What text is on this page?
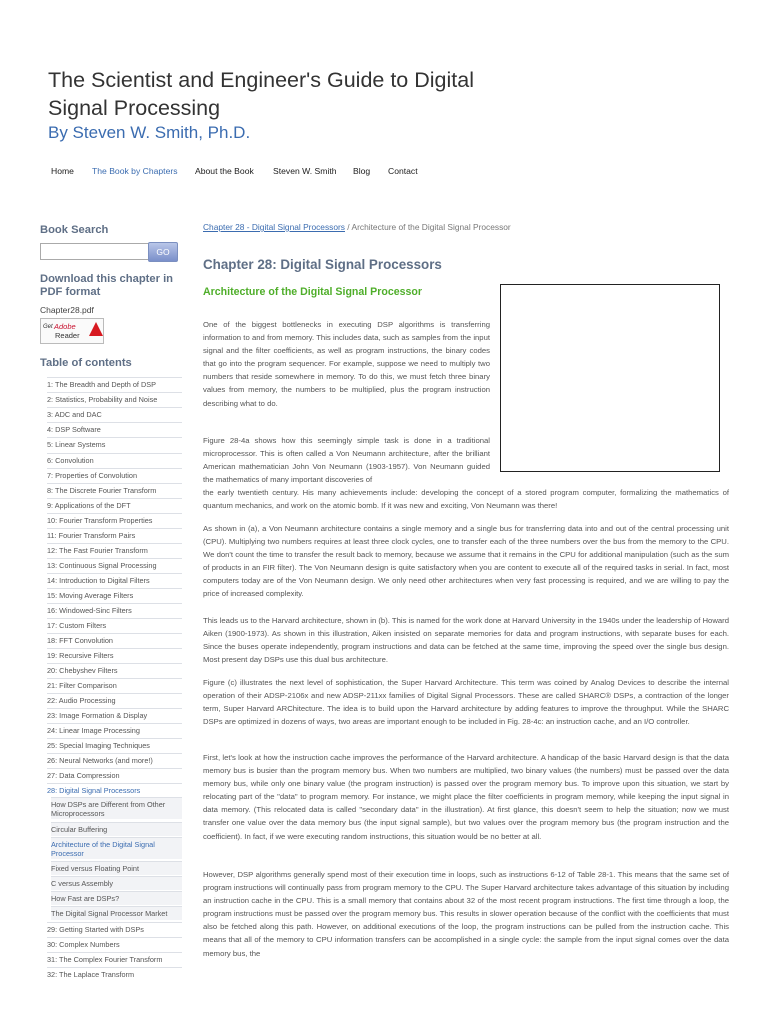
The Scientist and Engineer's Guide to Digital Signal Processing
By Steven W. Smith, Ph.D.
Home The Book by Chapters About the Book Steven W. Smith Blog Contact
Book Search
GO
Download this chapter in PDF format
Chapter28.pdf
Get Adobe
Reader
Table of contents
1: The Breadth and Depth of DSP
2: Statistics, Probability and Noise
3: ADC and DAC
4: DSP Software
5: Linear Systems
6: Convolution
7: Properties of Convolution
8: The Discrete Fourier Transform
9: Applications of the DFT
10: Fourier Transform Properties
11: Fourier Transform Pairs
12: The Fast Fourier Transform
13: Continuous Signal Processing
14: Introduction to Digital Filters
15: Moving Average Filters
16: Windowed-Sinc Filters
17: Custom Filters
18: FFT Convolution
19: Recursive Filters
20: Chebyshev Filters
21: Filter Comparison
22: Audio Processing
23: Image Formation & Display
24: Linear Image Processing
25: Special Imaging Techniques
26: Neural Networks (and more!)
27: Data Compression
28: Digital Signal Processors
How DSPs are Different from Other Microprocessors
Circular Buffering
Architecture of the Digital Signal Processor
Fixed versus Floating Point
C versus Assembly
How Fast are DSPs?
The Digital Signal Processor Market
29: Getting Started with DSPs
30: Complex Numbers
31: The Complex Fourier Transform
32: The Laplace Transform
Chapter 28 - Digital Signal Processors / Architecture of the Digital Signal Processor
Chapter 28: Digital Signal Processors
Architecture of the Digital Signal Processor

One of the biggest bottlenecks in executing DSP algorithms is transferring information to and from memory. This includes data, such as samples from the input signal and the filter coefficients, as well as program instructions, the binary codes that go into the program sequencer. For example, suppose we need to multiply two numbers that reside somewhere in memory. To do this, we must fetch three binary values from memory, the numbers to be multiplied, plus the program instruction describing what to do.

Figure 28-4a shows how this seemingly simple task is done in a traditional microprocessor. This is often called a Von Neumann architecture, after the brilliant American mathematician John Von Neumann (1903-1957). Von Neumann guided the mathematics of many important discoveries of

the early twentieth century. His many achievements include: developing the concept of a stored program computer, formalizing the mathematics of quantum mechanics, and work on the atomic bomb. If it was new and exciting, Von Neumann was there!

As shown in (a), a Von Neumann architecture contains a single memory and a single bus for transferring data into and out of the central processing unit (CPU). Multiplying two numbers requires at least three clock cycles, one to transfer each of the three numbers over the bus from the memory to the CPU. We don't count the time to transfer the result back to memory, because we assume that it remains in the CPU for additional manipulation (such as the sum of products in an FIR filter). The Von Neumann design is quite satisfactory when you are content to execute all of the required tasks in serial. In fact, most computers today are of the Von Neumann design. We only need other architectures when very fast processing is required, and we are willing to pay the price of increased complexity.

This leads us to the Harvard architecture, shown in (b). This is named for the work done at Harvard University in the 1940s under the leadership of Howard Aiken (1900-1973). As shown in this illustration, Aiken insisted on separate memories for data and program instructions, with separate buses for each. Since the buses operate independently, program instructions and data can be fetched at the same time, improving the speed over the single bus design. Most present day DSPs use this dual bus architecture.

Figure (c) illustrates the next level of sophistication, the Super Harvard Architecture. This term was coined by Analog Devices to describe the internal operation of their ADSP-2106x and new ADSP-211xx families of Digital Signal Processors. These are called SHARC® DSPs, a contraction of the longer term, Super Harvard ARChitecture. The idea is to build upon the Harvard architecture by adding features to improve the throughput. While the SHARC DSPs are optimized in dozens of ways, two areas are important enough to be included in Fig. 28-4c: an instruction cache, and an I/O controller.

First, let's look at how the instruction cache improves the performance of the Harvard architecture. A handicap of the basic Harvard design is that the data memory bus is busier than the program memory bus. When two numbers are multiplied, two binary values (the numbers) must be passed over the data memory bus, while only one binary value (the program instruction) is passed over the program memory bus. To improve upon this situation, we start by relocating part of the "data" to program memory. For instance, we might place the filter coefficients in program memory, while keeping the input signal in data memory. (This relocated data is called "secondary data" in the illustration). At first glance, this doesn't seem to help the situation; now we must transfer one value over the data memory bus (the input signal sample), but two values over the program memory bus (the program instruction and the coefficient). In fact, if we were executing random instructions, this situation would be no better at all.

However, DSP algorithms generally spend most of their execution time in loops, such as instructions 6-12 of Table 28-1. This means that the same set of program instructions will continually pass from program memory to the CPU. The Super Harvard architecture takes advantage of this situation by including an instruction cache in the CPU. This is a small memory that contains about 32 of the most recent program instructions. The first time through a loop, the program instructions must be passed over the program memory bus. This results in slower operation because of the conflict with the coefficients that must also be fetched along this path. However, on additional executions of the loop, the program instructions can be pulled from the instruction cache. This means that all of the memory to CPU information transfers can be accomplished in a single cycle: the sample from the input signal comes over the data memory bus, the
